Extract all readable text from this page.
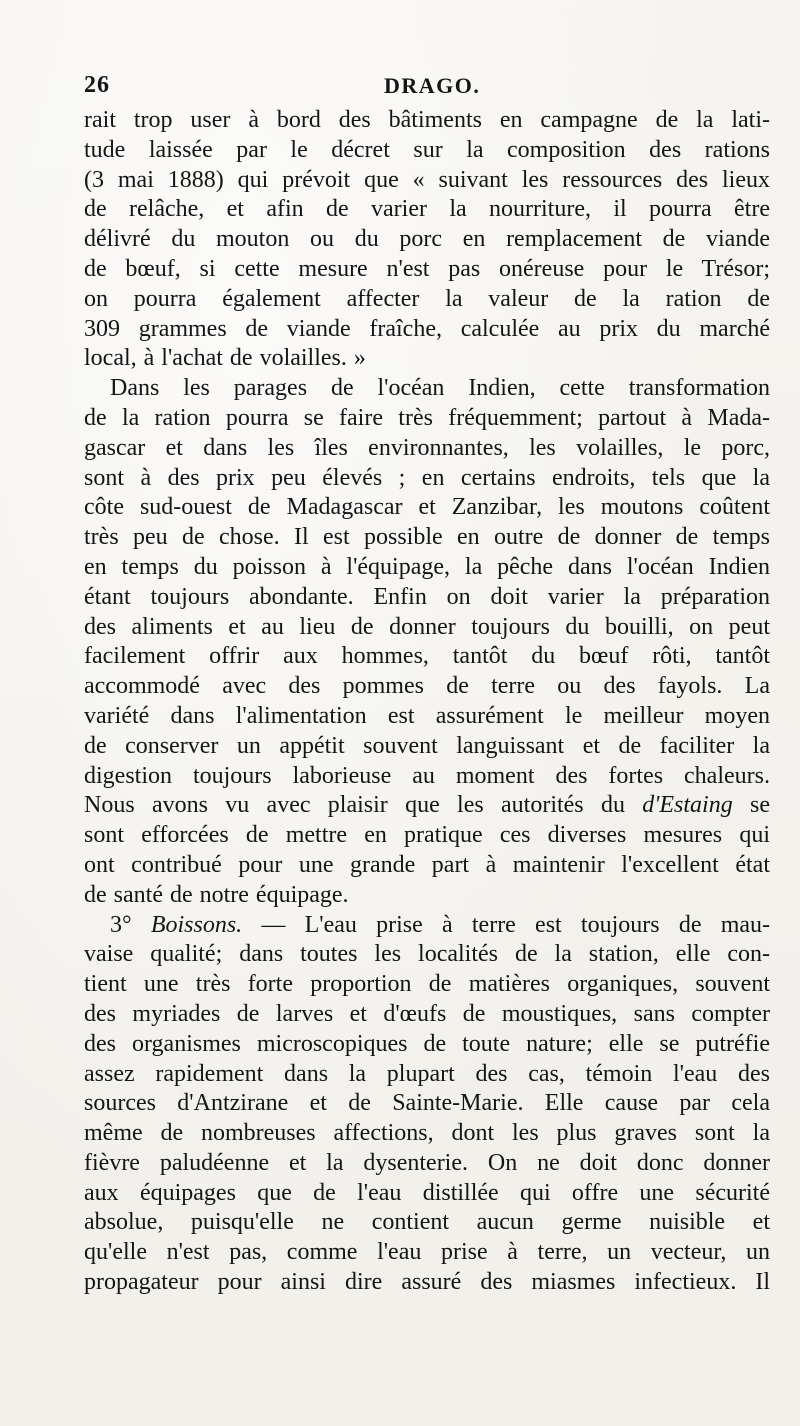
26	DRAGO.
rait trop user à bord des bâtiments en campagne de la lati-
tude laissée par le décret sur la composition des rations
(3 mai 1888) qui prévoit que « suivant les ressources des lieux
de relâche, et afin de varier la nourriture, il pourra être
délivré du mouton ou du porc en remplacement de viande
de bœuf, si cette mesure n'est pas onéreuse pour le Trésor;
on pourra également affecter la valeur de la ration de
309 grammes de viande fraîche, calculée au prix du marché
local, à l'achat de volailles. »
Dans les parages de l'océan Indien, cette transformation
de la ration pourra se faire très fréquemment; partout à Mada-
gascar et dans les îles environnantes, les volailles, le porc,
sont à des prix peu élevés ; en certains endroits, tels que la
côte sud-ouest de Madagascar et Zanzibar, les moutons coûtent
très peu de chose. Il est possible en outre de donner de temps
en temps du poisson à l'équipage, la pêche dans l'océan Indien
étant toujours abondante. Enfin on doit varier la préparation
des aliments et au lieu de donner toujours du bouilli, on peut
facilement offrir aux hommes, tantôt du bœuf rôti, tantôt
accommodé avec des pommes de terre ou des fayols. La
variété dans l'alimentation est assurément le meilleur moyen
de conserver un appétit souvent languissant et de faciliter la
digestion toujours laborieuse au moment des fortes chaleurs.
Nous avons vu avec plaisir que les autorités du d'Estaing se
sont efforcées de mettre en pratique ces diverses mesures qui
ont contribué pour une grande part à maintenir l'excellent état
de santé de notre équipage.
3° Boissons. — L'eau prise à terre est toujours de mau-
vaise qualité; dans toutes les localités de la station, elle con-
tient une très forte proportion de matières organiques, souvent
des myriades de larves et d'œufs de moustiques, sans compter
des organismes microscopiques de toute nature; elle se putréfie
assez rapidement dans la plupart des cas, témoin l'eau des
sources d'Antzirane et de Sainte-Marie. Elle cause par cela
même de nombreuses affections, dont les plus graves sont la
fièvre paludéenne et la dysenterie. On ne doit donc donner
aux équipages que de l'eau distillée qui offre une sécurité
absolue, puisqu'elle ne contient aucun germe nuisible et
qu'elle n'est pas, comme l'eau prise à terre, un vecteur, un
propagateur pour ainsi dire assuré des miasmes infectieux. Il
